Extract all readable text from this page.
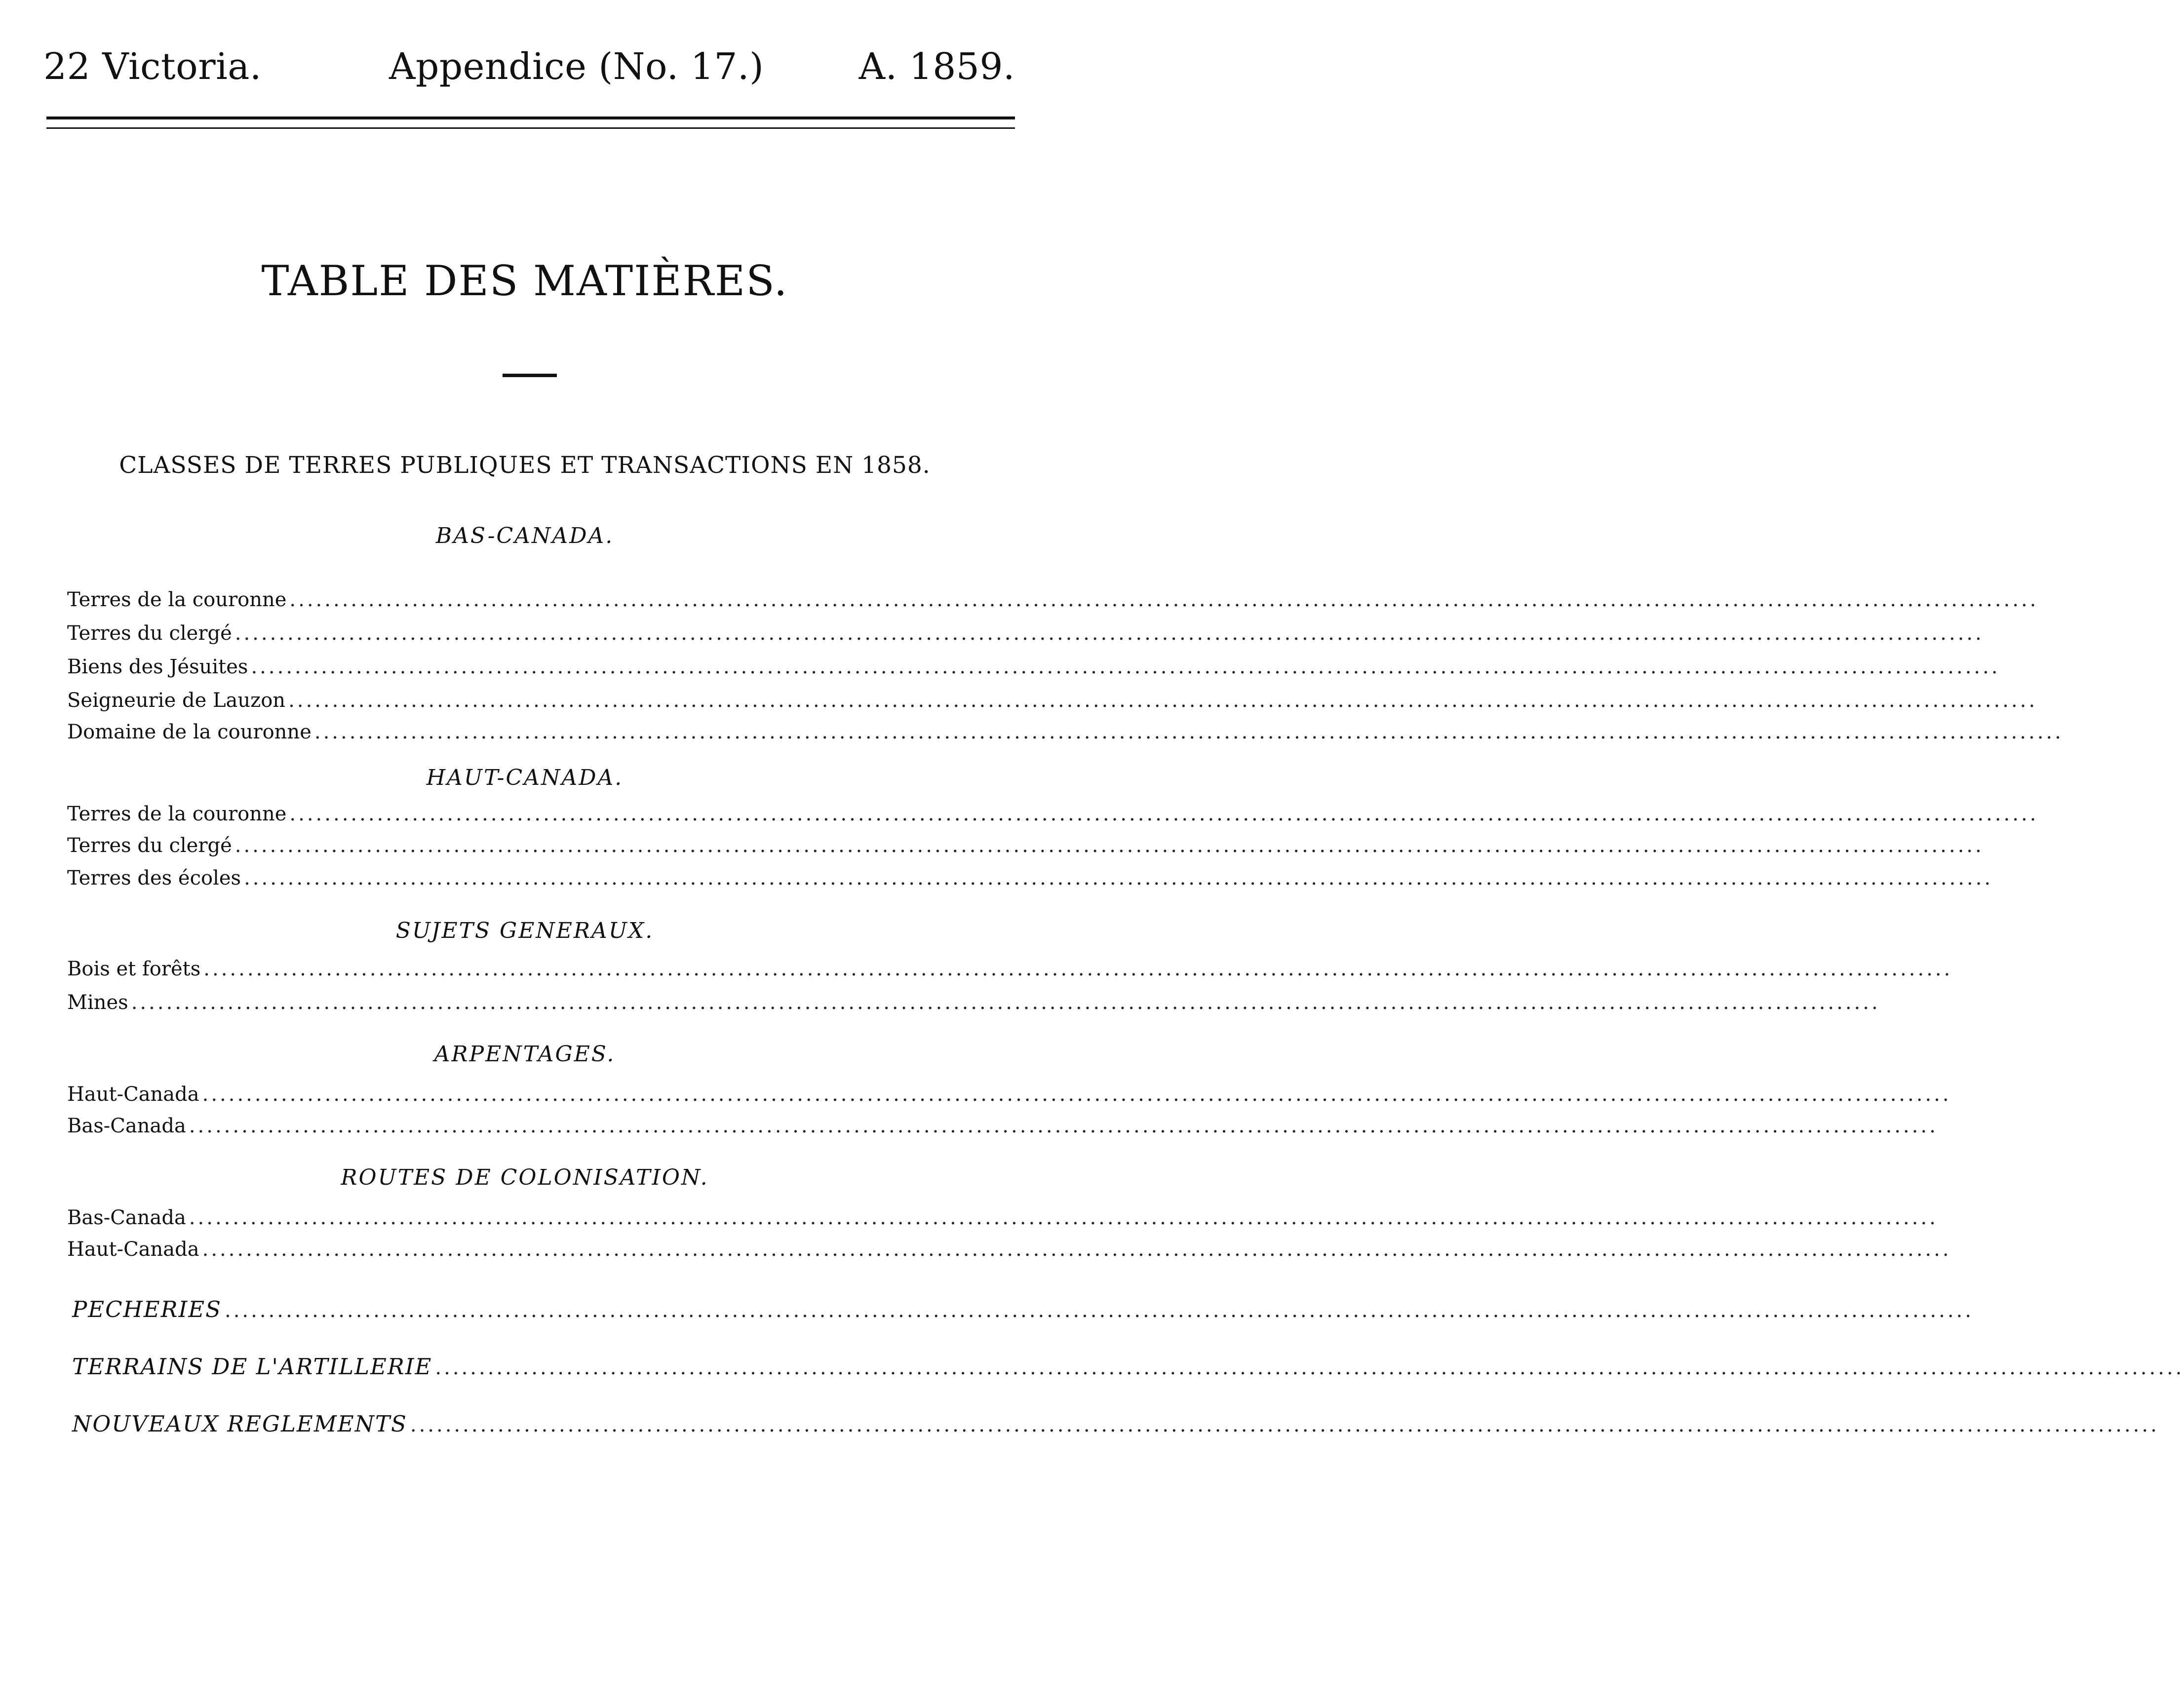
22 Victoria.	Appendice (No. 17.)	A. 1859.
TABLE DES MATIÈRES.
CLASSES DE TERRES PUBLIQUES ET TRANSACTIONS EN 1858.
BAS-CANADA.
Terres de la couronne ........................................................................................................................................................................................................
Terres du clergé ........................................................................................................................................................................................................
Biens des Jésuites ........................................................................................................................................................................................................
Seigneurie de Lauzon ........................................................................................................................................................................................................
Domaine de la couronne ........................................................................................................................................................................................................
HAUT-CANADA.
Terres de la couronne ........................................................................................................................................................................................................
Terres du clergé ........................................................................................................................................................................................................
Terres des écoles ........................................................................................................................................................................................................
SUJETS GENERAUX.
Bois et forêts ........................................................................................................................................................................................................
Mines ........................................................................................................................................................................................................
ARPENTAGES.
Haut-Canada ........................................................................................................................................................................................................
Bas-Canada ........................................................................................................................................................................................................
ROUTES DE COLONISATION.
Bas-Canada ........................................................................................................................................................................................................
Haut-Canada ........................................................................................................................................................................................................
PECHERIES ........................................................................................................................................................................................................
TERRAINS DE L'ARTILLERIE ........................................................................................................................................................................................................
NOUVEAUX REGLEMENTS ........................................................................................................................................................................................................
